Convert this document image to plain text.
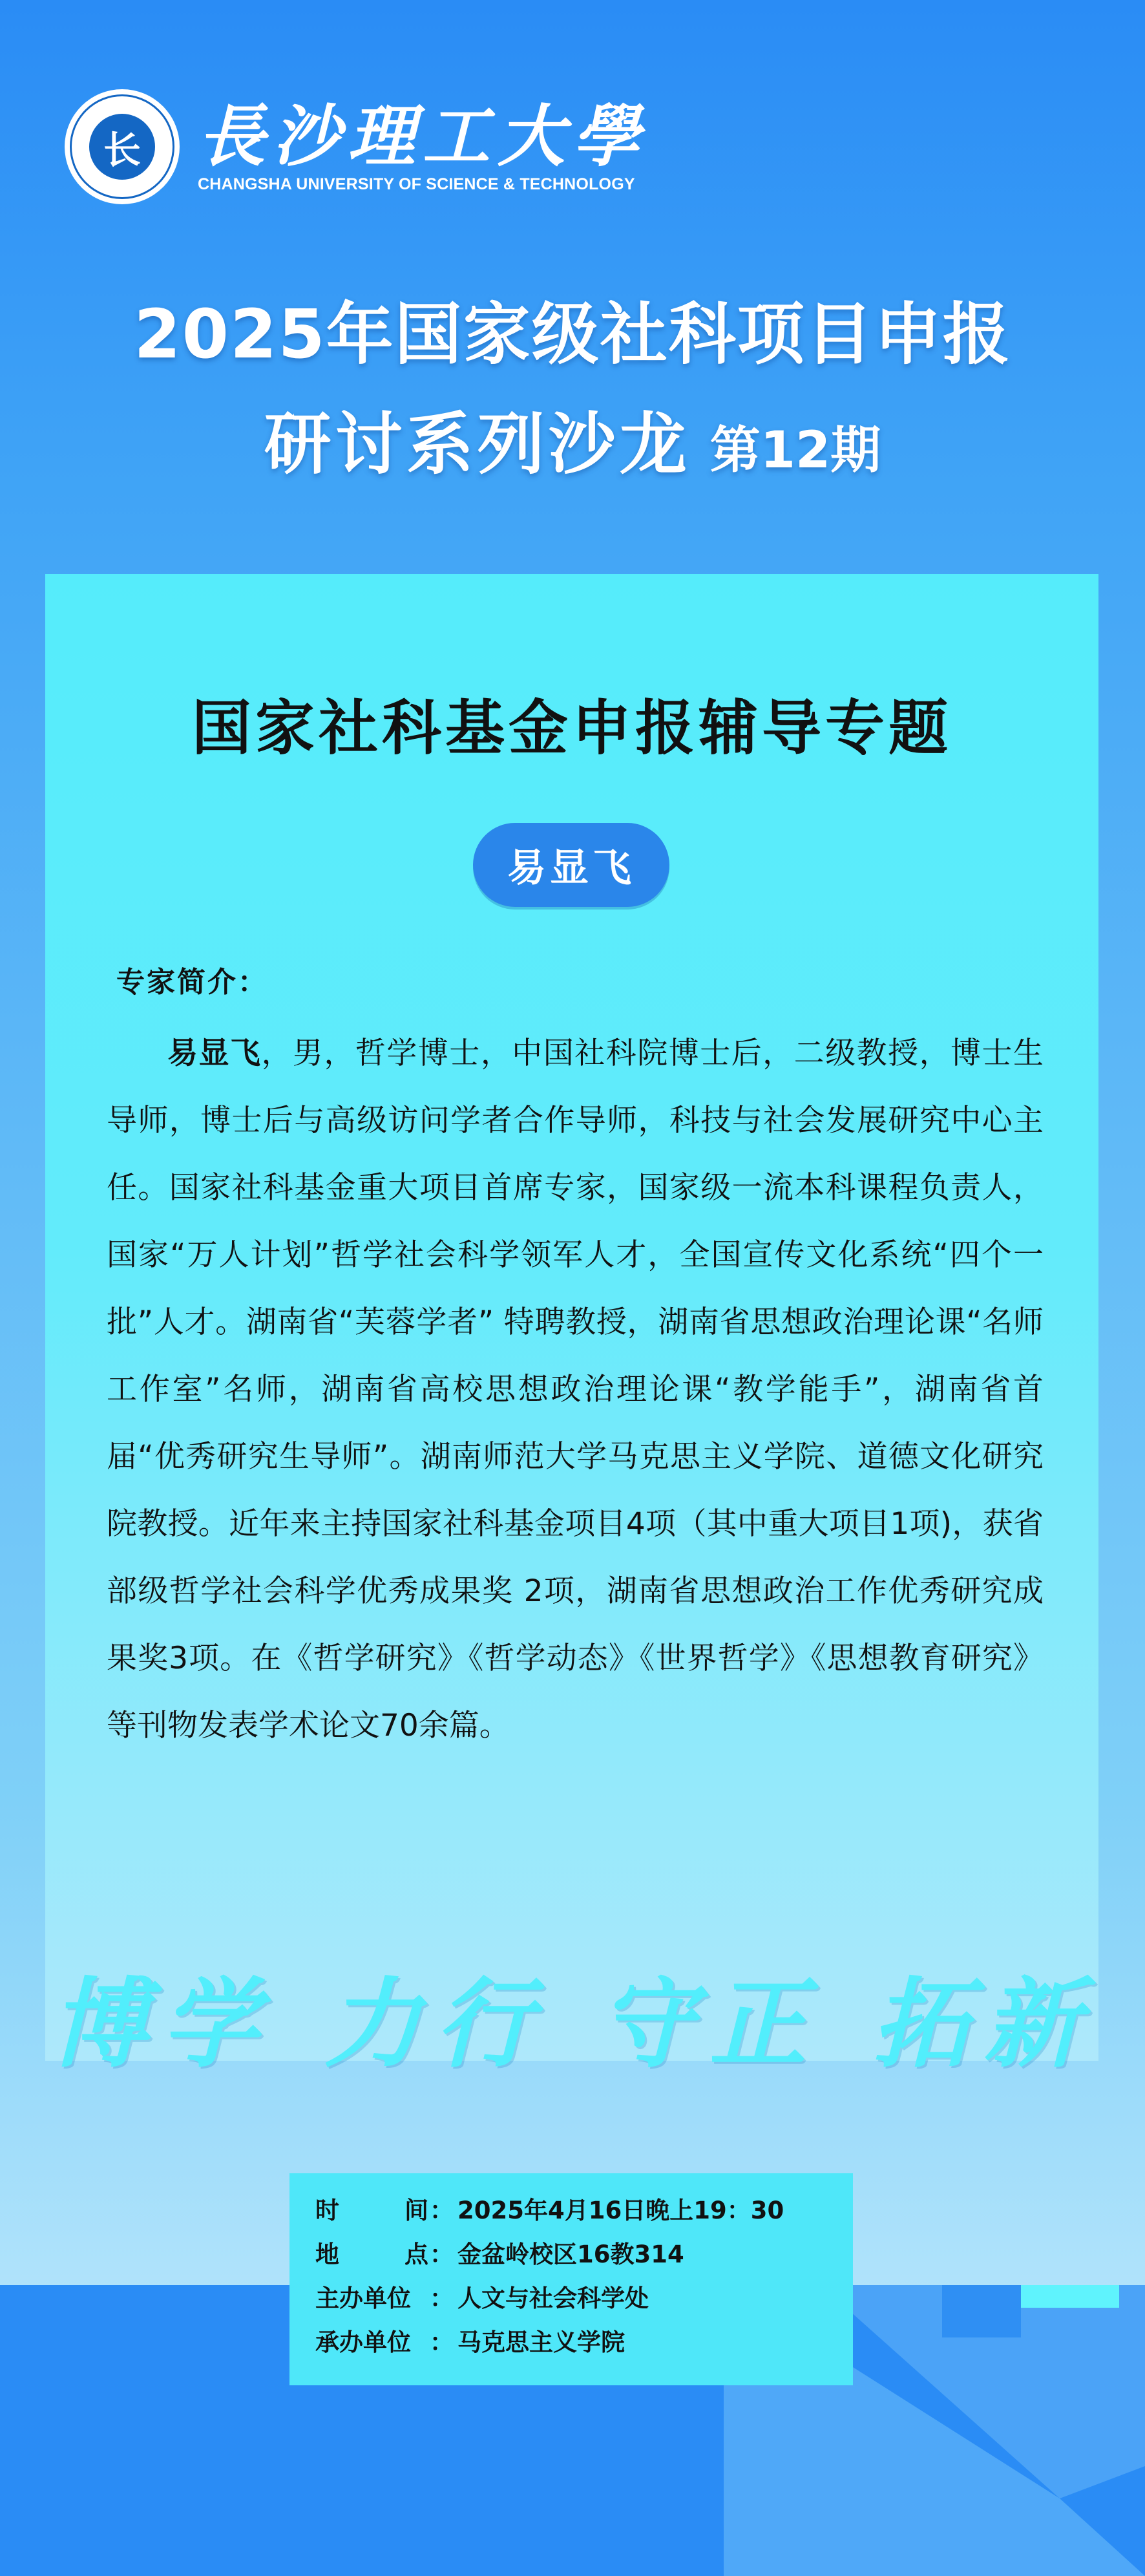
长 長沙理工大學
CHANGSHA UNIVERSITY OF SCIENCE & TECHNOLOGY
2025年国家级社科项目申报
研讨系列沙龙 第12期
国家社科基金申报辅导专题
易显飞
专家简介：

易显飞，男，哲学博士，中国社科院博士后，二级教授，博士生导师，博士后与高级访问学者合作导师，科技与社会发展研究中心主任。国家社科基金重大项目首席专家，国家级一流本科课程负责人，国家“万人计划”哲学社会科学领军人才，全国宣传文化系统“四个一批”人才。湖南省“芙蓉学者” 特聘教授，湖南省思想政治理论课“名师工作室”名师，湖南省高校思想政治理论课“教学能手”，湖南省首届“优秀研究生导师”。湖南师范大学马克思主义学院、道德文化研究院教授。近年来主持国家社科基金项目4项（其中重大项目1项)，获省部级哲学社会科学优秀成果奖 2项，湖南省思想政治工作优秀研究成果奖3项。在《哲学研究》《哲学动态》《世界哲学》《思想教育研究》等刊物发表学术论文70余篇。

博学 力行 守正 拓新
时	间 ： 2025年4月16日晚上19：30
地	点 ： 金盆岭校区16教314
主办单位 ： 人文与社会科学处
承办单位 ： 马克思主义学院
